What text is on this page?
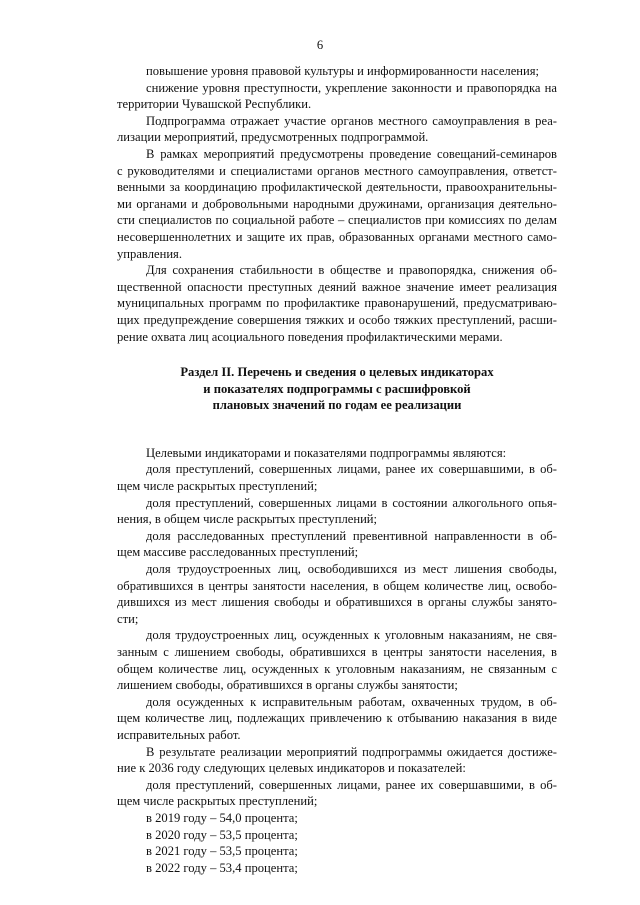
6
повышение уровня правовой культуры и информированности населения;
снижение уровня преступности, укрепление законности и правопорядка на
территории Чувашской Республики.
Подпрограмма отражает участие органов местного самоуправления в реа-
лизации мероприятий, предусмотренных подпрограммой.
В рамках мероприятий предусмотрены проведение совещаний-семинаров
с руководителями и специалистами органов местного самоуправления, ответст-
венными за координацию профилактической деятельности, правоохранительны-
ми органами и добровольными народными дружинами, организация деятельно-
сти специалистов по социальной работе – специалистов при комиссиях по делам
несовершеннолетних и защите их прав, образованных органами местного само-
управления.
Для сохранения стабильности в обществе и правопорядка, снижения об-
щественной опасности преступных деяний важное значение имеет реализация
муниципальных программ по профилактике правонарушений, предусматриваю-
щих предупреждение совершения тяжких и особо тяжких преступлений, расши-
рение охвата лиц асоциального поведения профилактическими мерами.
Раздел II. Перечень и сведения о целевых индикаторах
и показателях подпрограммы с расшифровкой
плановых значений по годам ее реализации
Целевыми индикаторами и показателями подпрограммы являются:
доля преступлений, совершенных лицами, ранее их совершавшими, в об-
щем числе раскрытых преступлений;
доля преступлений, совершенных лицами в состоянии алкогольного опья-
нения, в общем числе раскрытых преступлений;
доля расследованных преступлений превентивной направленности в об-
щем массиве расследованных преступлений;
доля трудоустроенных лиц, освободившихся из мест лишения свободы,
обратившихся в центры занятости населения, в общем количестве лиц, освобо-
дившихся из мест лишения свободы и обратившихся в органы службы занято-
сти;
доля трудоустроенных лиц, осужденных к уголовным наказаниям, не свя-
занным с лишением свободы, обратившихся в центры занятости населения, в
общем количестве лиц, осужденных к уголовным наказаниям, не связанным с
лишением свободы, обратившихся в органы службы занятости;
доля осужденных к исправительным работам, охваченных трудом, в об-
щем количестве лиц, подлежащих привлечению к отбыванию наказания в виде
исправительных работ.
В результате реализации мероприятий подпрограммы ожидается достиже-
ние к 2036 году следующих целевых индикаторов и показателей:
доля преступлений, совершенных лицами, ранее их совершавшими, в об-
щем числе раскрытых преступлений;
в 2019 году – 54,0 процента;
в 2020 году – 53,5 процента;
в 2021 году – 53,5 процента;
в 2022 году – 53,4 процента;
